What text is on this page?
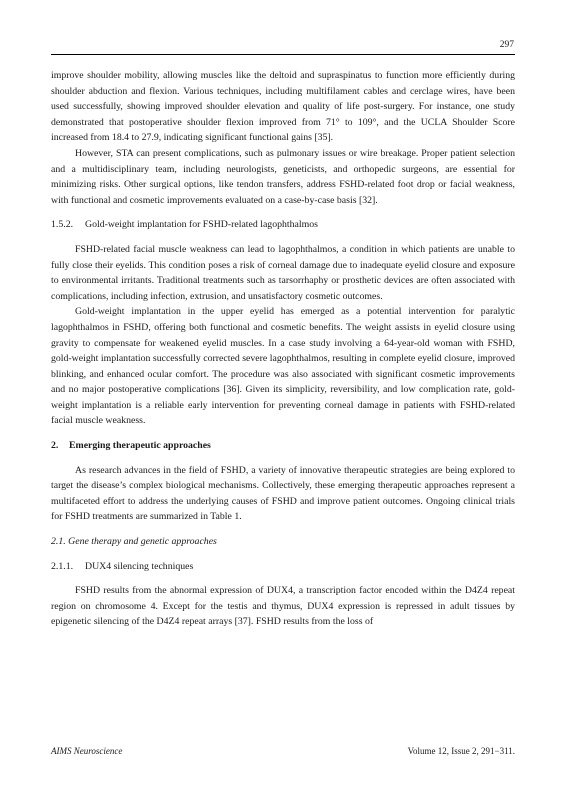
297

improve shoulder mobility, allowing muscles like the deltoid and supraspinatus to function more efficiently during shoulder abduction and flexion. Various techniques, including multifilament cables and cerclage wires, have been used successfully, showing improved shoulder elevation and quality of life post-surgery. For instance, one study demonstrated that postoperative shoulder flexion improved from 71° to 109°, and the UCLA Shoulder Score increased from 18.4 to 27.9, indicating significant functional gains [35].

However, STA can present complications, such as pulmonary issues or wire breakage. Proper patient selection and a multidisciplinary team, including neurologists, geneticists, and orthopedic surgeons, are essential for minimizing risks. Other surgical options, like tendon transfers, address FSHD-related foot drop or facial weakness, with functional and cosmetic improvements evaluated on a case-by-case basis [32].

1.5.2. Gold-weight implantation for FSHD-related lagophthalmos

FSHD-related facial muscle weakness can lead to lagophthalmos, a condition in which patients are unable to fully close their eyelids. This condition poses a risk of corneal damage due to inadequate eyelid closure and exposure to environmental irritants. Traditional treatments such as tarsorrhaphy or prosthetic devices are often associated with complications, including infection, extrusion, and unsatisfactory cosmetic outcomes.

Gold-weight implantation in the upper eyelid has emerged as a potential intervention for paralytic lagophthalmos in FSHD, offering both functional and cosmetic benefits. The weight assists in eyelid closure using gravity to compensate for weakened eyelid muscles. In a case study involving a 64-year-old woman with FSHD, gold-weight implantation successfully corrected severe lagophthalmos, resulting in complete eyelid closure, improved blinking, and enhanced ocular comfort. The procedure was also associated with significant cosmetic improvements and no major postoperative complications [36]. Given its simplicity, reversibility, and low complication rate, gold-weight implantation is a reliable early intervention for preventing corneal damage in patients with FSHD-related facial muscle weakness.

2. Emerging therapeutic approaches

As research advances in the field of FSHD, a variety of innovative therapeutic strategies are being explored to target the disease’s complex biological mechanisms. Collectively, these emerging therapeutic approaches represent a multifaceted effort to address the underlying causes of FSHD and improve patient outcomes. Ongoing clinical trials for FSHD treatments are summarized in Table 1.

2.1. Gene therapy and genetic approaches

2.1.1. DUX4 silencing techniques

FSHD results from the abnormal expression of DUX4, a transcription factor encoded within the D4Z4 repeat region on chromosome 4. Except for the testis and thymus, DUX4 expression is repressed in adult tissues by epigenetic silencing of the D4Z4 repeat arrays [37]. FSHD results from the loss of

AIMS Neuroscience	Volume 12, Issue 2, 291−311.
